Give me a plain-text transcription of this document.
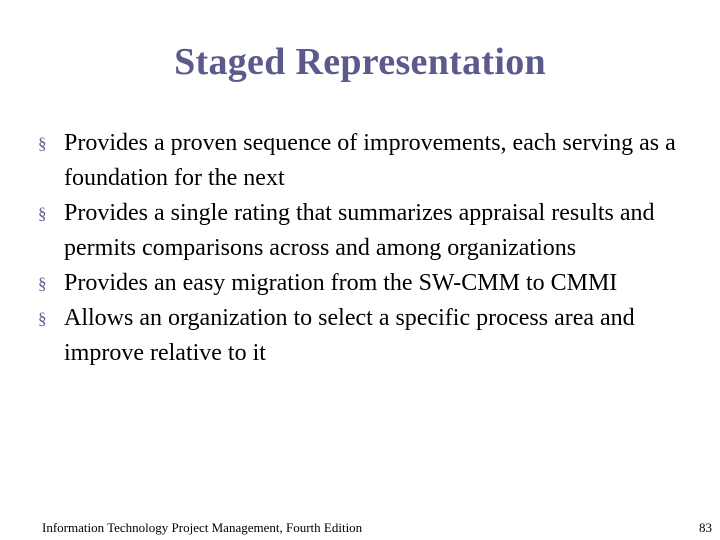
Staged Representation
§ Provides a proven sequence of improvements, each serving as a foundation for the next
§ Provides a single rating that summarizes appraisal results and permits comparisons across and among organizations
§ Provides an easy migration from the SW-CMM to CMMI
§ Allows an organization to select a specific process area and improve relative to it
Information Technology Project Management, Fourth Edition	83
